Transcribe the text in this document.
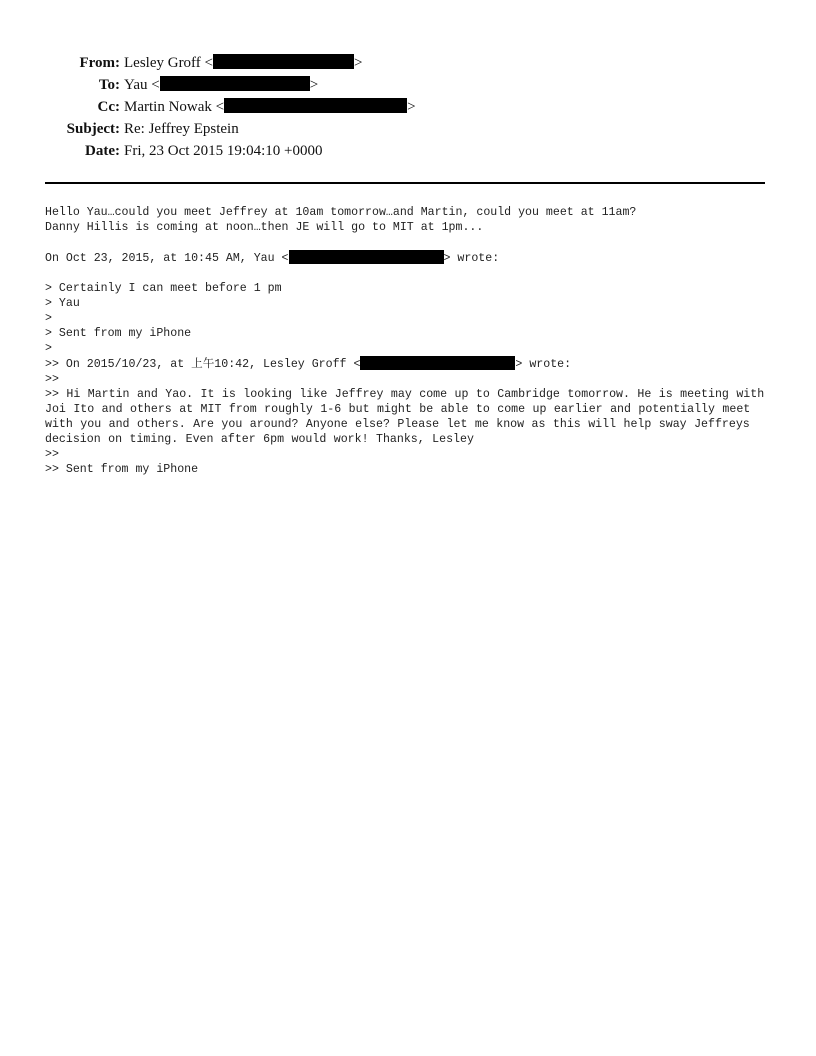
From: Lesley Groff <	>
To: Yau <	>
Cc: Martin Nowak <	>
Subject: Re: Jeffrey Epstein
Date: Fri, 23 Oct 2015 19:04:10 +0000
Hello Yau…could you meet Jeffrey at 10am tomorrow…and Martin, could you meet at 11am?
Danny Hillis is coming at noon…then JE will go to MIT at 1pm...
On Oct 23, 2015, at 10:45 AM, Yau <	> wrote:
> Certainly I can meet before 1 pm
> Yau
>
> Sent from my iPhone
>
>> On 2015/10/23, at 上午10:42, Lesley Groff <	> wrote:
>>
>> Hi Martin and Yao. It is looking like Jeffrey may come up to Cambridge tomorrow. He is meeting with Joi Ito and others at MIT from roughly 1-6 but might be able to come up earlier and potentially meet with you and others. Are you around? Anyone else? Please let me know as this will help sway Jeffreys decision on timing. Even after 6pm would work! Thanks, Lesley
>>
>> Sent from my iPhone
